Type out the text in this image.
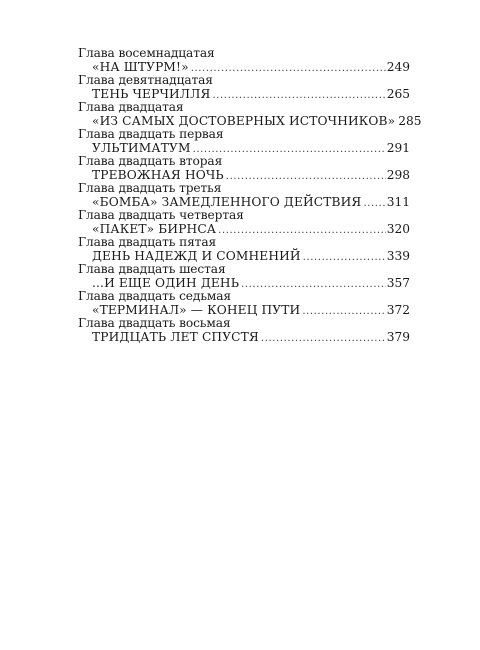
Глава восемнадцатая
«НА ШТУРМ!» .....	249
Глава девятнадцатая
ТЕНЬ ЧЕРЧИЛЛЯ .....	265
Глава двадцатая
«ИЗ САМЫХ ДОСТОВЕРНЫХ ИСТОЧНИКОВ» 285
Глава двадцать первая
УЛЬТИМАТУМ .....	291
Глава двадцать вторая
ТРЕВОЖНАЯ НОЧЬ .....	298
Глава двадцать третья
«БОМБА» ЗАМЕДЛЕННОГО ДЕЙСТВИЯ ..... 311
Глава двадцать четвертая
«ПАКЕТ» БИРНСА .....	320
Глава двадцать пятая
ДЕНЬ НАДЕЖД И СОМНЕНИЙ .....	339
Глава двадцать шестая
...И ЕЩЕ ОДИН ДЕНЬ .....	357
Глава двадцать седьмая
«ТЕРМИНАЛ» — КОНЕЦ ПУТИ .....	372
Глава двадцать восьмая
ТРИДЦАТЬ ЛЕТ СПУСТЯ .....	379
